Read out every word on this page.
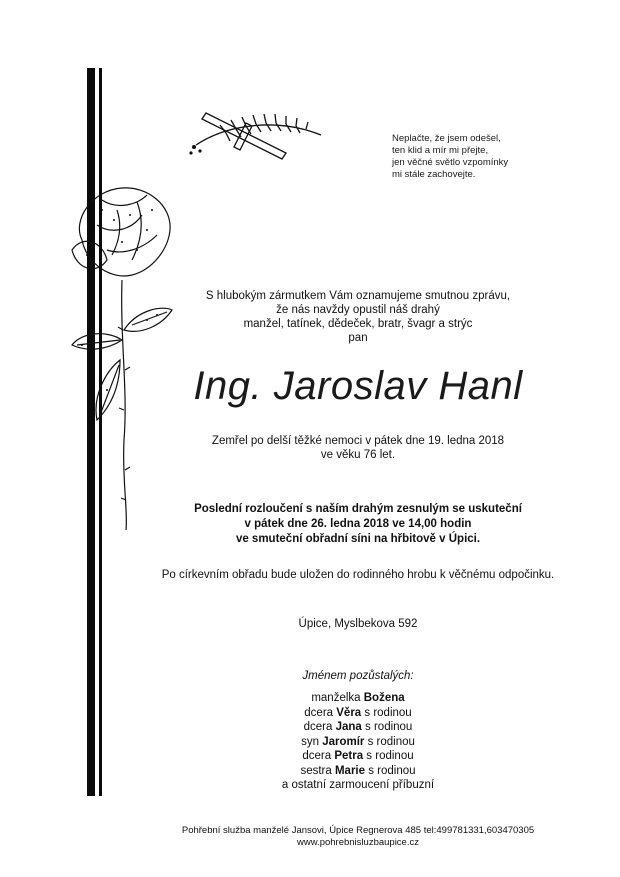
Neplačte, že jsem odešel,
ten klid a mír mi přejte,
jen věčné světlo vzpomínky
mi stále zachovejte.
S hlubokým zármutkem Vám oznamujeme smutnou zprávu,
že nás navždy opustil náš drahý
manžel, tatínek, dědeček, bratr, švagr a strýc
pan
Ing. Jaroslav Hanl
Zemřel po delší těžké nemoci v pátek dne 19. ledna 2018
ve věku 76 let.
Poslední rozloučení s naším drahým zesnulým se uskuteční
v pátek dne 26. ledna 2018 ve 14,00 hodin
ve smuteční obřadní síni na hřbitově v Úpici.
Po církevním obřadu bude uložen do rodinného hrobu k věčnému odpočinku.
Úpice, Myslbekova 592
Jménem pozůstalých:
manželka Božena
dcera Věra s rodinou
dcera Jana s rodinou
syn Jaromír s rodinou
dcera Petra s rodinou
sestra Marie s rodinou
a ostatní zarmoucení příbuzní
Pohřební služba manželé Jansovi, Úpice Regnerova 485 tel:499781331,603470305
www.pohrebnisluzbaupice.cz
